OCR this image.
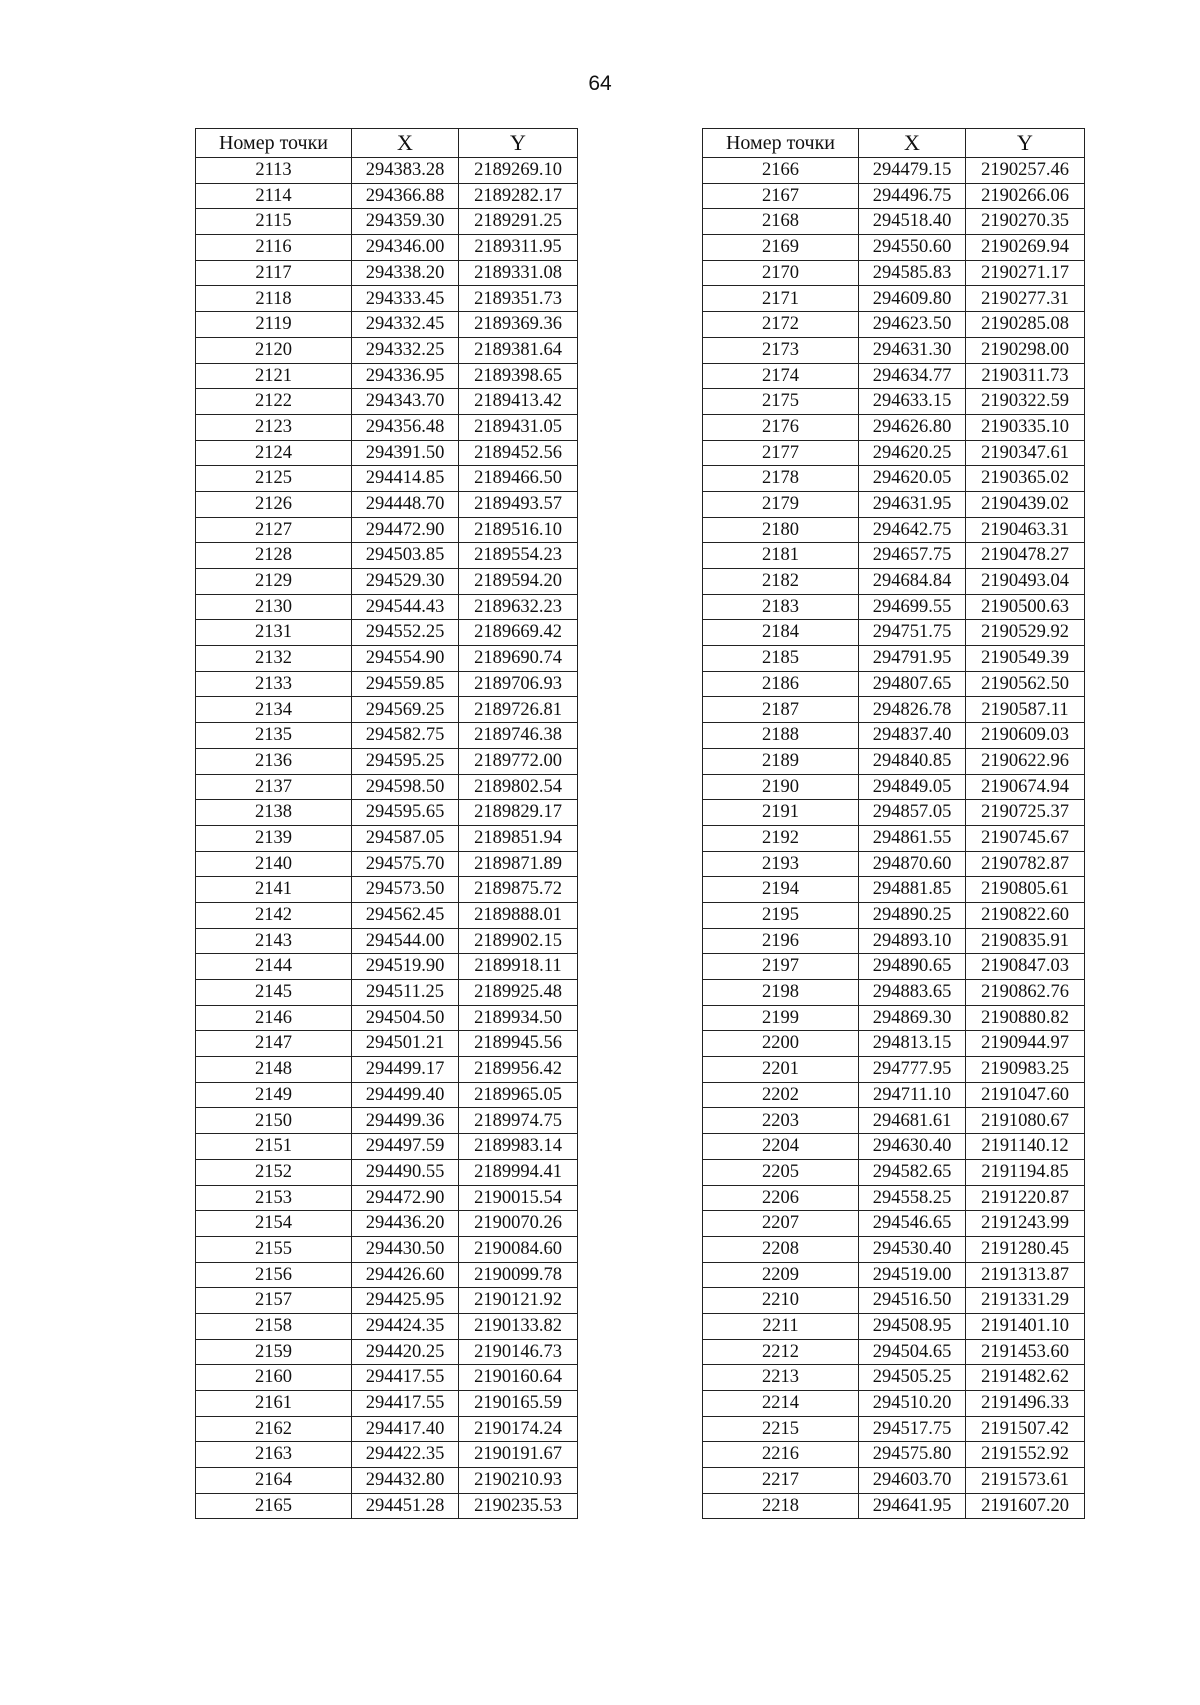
64
Номер точки	X	Y
2113	294383.28	2189269.10
2114	294366.88	2189282.17
2115	294359.30	2189291.25
2116	294346.00	2189311.95
2117	294338.20	2189331.08
2118	294333.45	2189351.73
2119	294332.45	2189369.36
2120	294332.25	2189381.64
2121	294336.95	2189398.65
2122	294343.70	2189413.42
2123	294356.48	2189431.05
2124	294391.50	2189452.56
2125	294414.85	2189466.50
2126	294448.70	2189493.57
2127	294472.90	2189516.10
2128	294503.85	2189554.23
2129	294529.30	2189594.20
2130	294544.43	2189632.23
2131	294552.25	2189669.42
2132	294554.90	2189690.74
2133	294559.85	2189706.93
2134	294569.25	2189726.81
2135	294582.75	2189746.38
2136	294595.25	2189772.00
2137	294598.50	2189802.54
2138	294595.65	2189829.17
2139	294587.05	2189851.94
2140	294575.70	2189871.89
2141	294573.50	2189875.72
2142	294562.45	2189888.01
2143	294544.00	2189902.15
2144	294519.90	2189918.11
2145	294511.25	2189925.48
2146	294504.50	2189934.50
2147	294501.21	2189945.56
2148	294499.17	2189956.42
2149	294499.40	2189965.05
2150	294499.36	2189974.75
2151	294497.59	2189983.14
2152	294490.55	2189994.41
2153	294472.90	2190015.54
2154	294436.20	2190070.26
2155	294430.50	2190084.60
2156	294426.60	2190099.78
2157	294425.95	2190121.92
2158	294424.35	2190133.82
2159	294420.25	2190146.73
2160	294417.55	2190160.64
2161	294417.55	2190165.59
2162	294417.40	2190174.24
2163	294422.35	2190191.67
2164	294432.80	2190210.93
2165	294451.28	2190235.53
Номер точки	X	Y
2166	294479.15	2190257.46
2167	294496.75	2190266.06
2168	294518.40	2190270.35
2169	294550.60	2190269.94
2170	294585.83	2190271.17
2171	294609.80	2190277.31
2172	294623.50	2190285.08
2173	294631.30	2190298.00
2174	294634.77	2190311.73
2175	294633.15	2190322.59
2176	294626.80	2190335.10
2177	294620.25	2190347.61
2178	294620.05	2190365.02
2179	294631.95	2190439.02
2180	294642.75	2190463.31
2181	294657.75	2190478.27
2182	294684.84	2190493.04
2183	294699.55	2190500.63
2184	294751.75	2190529.92
2185	294791.95	2190549.39
2186	294807.65	2190562.50
2187	294826.78	2190587.11
2188	294837.40	2190609.03
2189	294840.85	2190622.96
2190	294849.05	2190674.94
2191	294857.05	2190725.37
2192	294861.55	2190745.67
2193	294870.60	2190782.87
2194	294881.85	2190805.61
2195	294890.25	2190822.60
2196	294893.10	2190835.91
2197	294890.65	2190847.03
2198	294883.65	2190862.76
2199	294869.30	2190880.82
2200	294813.15	2190944.97
2201	294777.95	2190983.25
2202	294711.10	2191047.60
2203	294681.61	2191080.67
2204	294630.40	2191140.12
2205	294582.65	2191194.85
2206	294558.25	2191220.87
2207	294546.65	2191243.99
2208	294530.40	2191280.45
2209	294519.00	2191313.87
2210	294516.50	2191331.29
2211	294508.95	2191401.10
2212	294504.65	2191453.60
2213	294505.25	2191482.62
2214	294510.20	2191496.33
2215	294517.75	2191507.42
2216	294575.80	2191552.92
2217	294603.70	2191573.61
2218	294641.95	2191607.20
